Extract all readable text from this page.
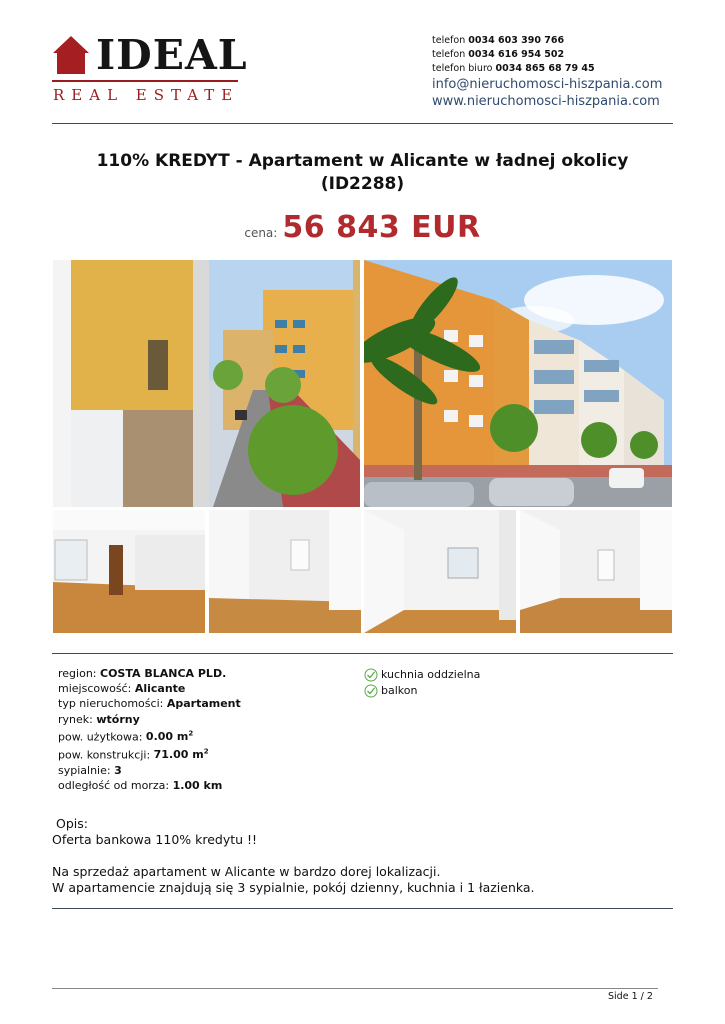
IDEAL
REAL ESTATE
telefon 0034 603 390 766
telefon 0034 616 954 502
telefon biuro 0034 865 68 79 45
info@nieruchomosci-hiszpania.com
www.nieruchomosci-hiszpania.com
110% KREDYT - Apartament w Alicante w ładnej okolicy
(ID2288)
cena: 56 843 EUR
region: COSTA BLANCA PLD.
miejscowość: Alicante
typ nieruchomości: Apartament
rynek: wtórny
pow. użytkowa: 0.00 $m^2$
pow. konstrukcji: 71.00 $m^2$
sypialnie: 3
odległość od morza: 1.00 km
kuchnia oddzielna
balkon
Opis:
Oferta bankowa 110% kredytu !!
Na sprzedaż apartament w Alicante w bardzo dorej lokalizacji.
W apartamencie znajdują się 3 sypialnie, pokój dzienny, kuchnia i 1 łazienka.
Side 1 / 2
